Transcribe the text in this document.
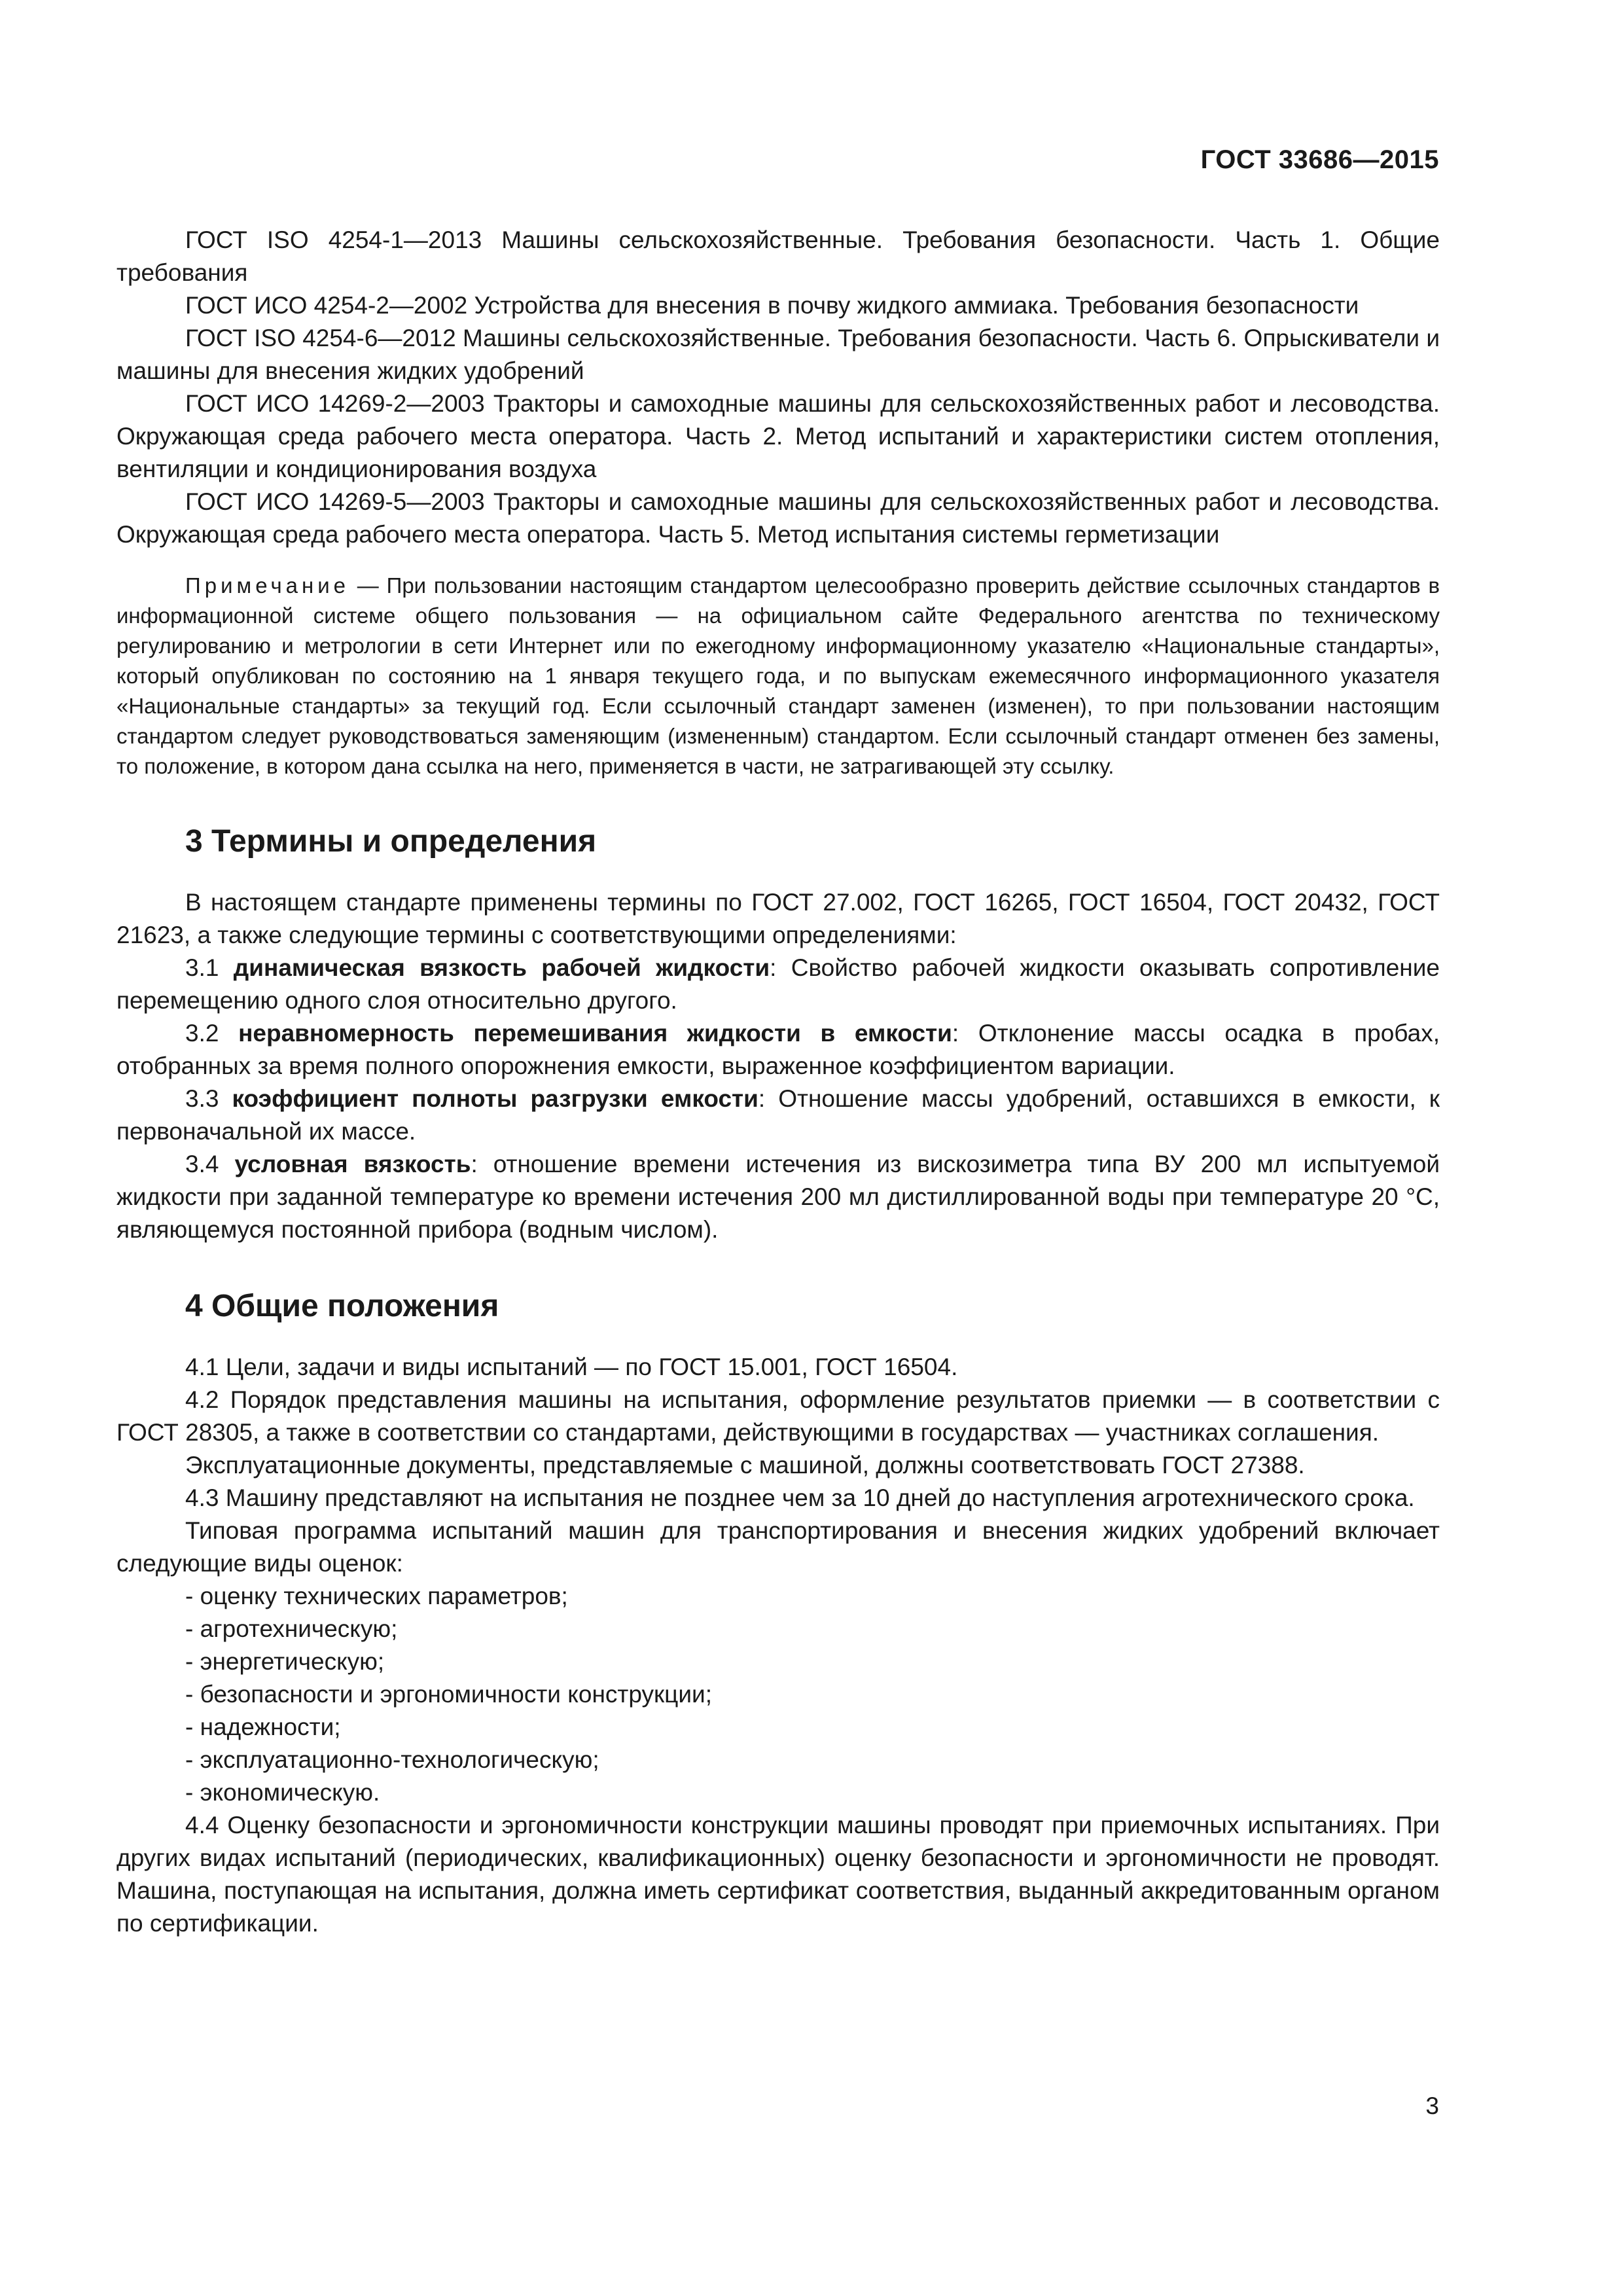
ГОСТ 33686—2015

ГОСТ ISO 4254-1—2013 Машины сельскохозяйственные. Требования безопасности. Часть 1. Общие требования

ГОСТ ИСО 4254-2—2002 Устройства для внесения в почву жидкого аммиака. Требования безопасности

ГОСТ ISO 4254-6—2012 Машины сельскохозяйственные. Требования безопасности. Часть 6. Опрыскиватели и машины для внесения жидких удобрений

ГОСТ ИСО 14269-2—2003 Тракторы и самоходные машины для сельскохозяйственных работ и лесоводства. Окружающая среда рабочего места оператора. Часть 2. Метод испытаний и характеристики систем отопления, вентиляции и кондиционирования воздуха

ГОСТ ИСО 14269-5—2003 Тракторы и самоходные машины для сельскохозяйственных работ и лесоводства. Окружающая среда рабочего места оператора. Часть 5. Метод испытания системы герметизации

Примечание — При пользовании настоящим стандартом целесообразно проверить действие ссылочных стандартов в информационной системе общего пользования — на официальном сайте Федерального агентства по техническому регулированию и метрологии в сети Интернет или по ежегодному информационному указателю «Национальные стандарты», который опубликован по состоянию на 1 января текущего года, и по выпускам ежемесячного информационного указателя «Национальные стандарты» за текущий год. Если ссылочный стандарт заменен (изменен), то при пользовании настоящим стандартом следует руководствоваться заменяющим (измененным) стандартом. Если ссылочный стандарт отменен без замены, то положение, в котором дана ссылка на него, применяется в части, не затрагивающей эту ссылку.

3 Термины и определения

В настоящем стандарте применены термины по ГОСТ 27.002, ГОСТ 16265, ГОСТ 16504, ГОСТ 20432, ГОСТ 21623, а также следующие термины с соответствующими определениями:

3.1 динамическая вязкость рабочей жидкости: Свойство рабочей жидкости оказывать сопротивление перемещению одного слоя относительно другого.

3.2 неравномерность перемешивания жидкости в емкости: Отклонение массы осадка в пробах, отобранных за время полного опорожнения емкости, выраженное коэффициентом вариации.

3.3 коэффициент полноты разгрузки емкости: Отношение массы удобрений, оставшихся в емкости, к первоначальной их массе.

3.4 условная вязкость: отношение времени истечения из вискозиметра типа ВУ 200 мл испытуемой жидкости при заданной температуре ко времени истечения 200 мл дистиллированной воды при температуре 20 °С, являющемуся постоянной прибора (водным числом).

4 Общие положения

4.1 Цели, задачи и виды испытаний — по ГОСТ 15.001, ГОСТ 16504.

4.2 Порядок представления машины на испытания, оформление результатов приемки — в соответствии с ГОСТ 28305, а также в соответствии со стандартами, действующими в государствах — участниках соглашения.

Эксплуатационные документы, представляемые с машиной, должны соответствовать ГОСТ 27388.

4.3 Машину представляют на испытания не позднее чем за 10 дней до наступления агротехнического срока.

Типовая программа испытаний машин для транспортирования и внесения жидких удобрений включает следующие виды оценок:

- оценку технических параметров;
- агротехническую;
- энергетическую;
- безопасности и эргономичности конструкции;
- надежности;
- эксплуатационно-технологическую;
- экономическую.

4.4 Оценку безопасности и эргономичности конструкции машины проводят при приемочных испытаниях. При других видах испытаний (периодических, квалификационных) оценку безопасности и эргономичности не проводят. Машина, поступающая на испытания, должна иметь сертификат соответствия, выданный аккредитованным органом по сертификации.

3
